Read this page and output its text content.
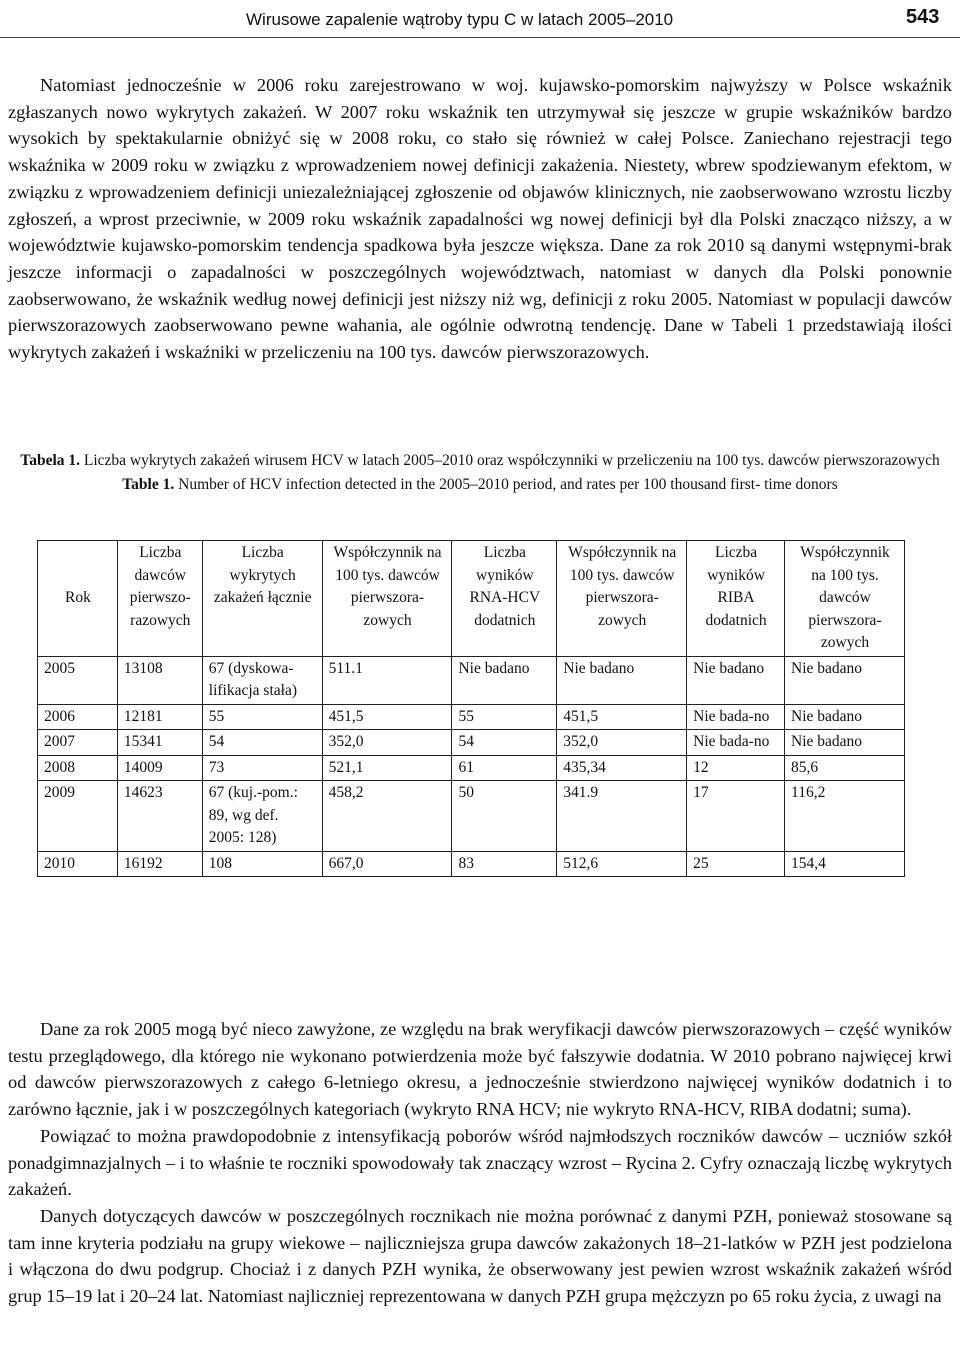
Wirusowe zapalenie wątroby typu C w latach 2005–2010	543
Natomiast jednocześnie w 2006 roku zarejestrowano w woj. kujawsko-pomorskim najwyższy w Polsce wskaźnik zgłaszanych nowo wykrytych zakażeń. W 2007 roku wskaźnik ten utrzymywał się jeszcze w grupie wskaźników bardzo wysokich by spektakularnie obniżyć się w 2008 roku, co stało się również w całej Polsce. Zaniechano rejestracji tego wskaźnika w 2009 roku w związku z wprowadzeniem nowej definicji zakażenia. Niestety, wbrew spodziewanym efektom, w związku z wprowadzeniem definicji uniezależniającej zgłoszenie od objawów klinicznych, nie zaobserwowano wzrostu liczby zgłoszeń, a wprost przeciwnie, w 2009 roku wskaźnik zapadalności wg nowej definicji był dla Polski znacząco niższy, a w województwie kujawsko-pomorskim tendencja spadkowa była jeszcze większa. Dane za rok 2010 są danymi wstępnymi-brak jeszcze informacji o zapadalności w poszczególnych województwach, natomiast w danych dla Polski ponownie zaobserwowano, że wskaźnik według nowej definicji jest niższy niż wg, definicji z roku 2005. Natomiast w populacji dawców pierwszorazowych zaobserwowano pewne wahania, ale ogólnie odwrotną tendencję. Dane w Tabeli 1 przedstawiają ilości wykrytych zakażeń i wskaźniki w przeliczeniu na 100 tys. dawców pierwszorazowych.
Tabela 1. Liczba wykrytych zakażeń wirusem HCV w latach 2005–2010 oraz współczynniki w przeliczeniu na 100 tys. dawców pierwszorazowych
Table 1. Number of HCV infection detected in the 2005–2010 period, and rates per 100 thousand first- time donors
Rok	Liczba dawców pierwszo-razowych	Liczba wykrytych zakażeń łącznie	Współczynnik na 100 tys. dawców pierwszora-zowych	Liczba wyników RNA-HCV dodatnich	Współczynnik na 100 tys. dawców pierwszora-zowych	Liczba wyników RIBA dodatnich	Współczynnik na 100 tys. dawców pierwszora-zowych
2005	13108	67 (dyskowa-lifikacja stała)	511.1	Nie badano	Nie badano	Nie badano	Nie badano
2006	12181	55	451,5	55	451,5	Nie bada-no	Nie badano
2007	15341	54	352,0	54	352,0	Nie bada-no	Nie badano
2008	14009	73	521,1	61	435,34	12	85,6
2009	14623	67 (kuj.-pom.: 89, wg def. 2005: 128)	458,2	50	341.9	17	116,2
2010	16192	108	667,0	83	512,6	25	154,4

Dane za rok 2005 mogą być nieco zawyżone, ze względu na brak weryfikacji dawców pierwszorazowych – część wyników testu przeglądowego, dla którego nie wykonano potwierdzenia może być fałszywie dodatnia. W 2010 pobrano najwięcej krwi od dawców pierwszorazowych z całego 6-letniego okresu, a jednocześnie stwierdzono najwięcej wyników dodatnich i to zarówno łącznie, jak i w poszczególnych kategoriach (wykryto RNA HCV; nie wykryto RNA-HCV, RIBA dodatni; suma).

Powiązać to można prawdopodobnie z intensyfikacją poborów wśród najmłodszych roczników dawców – uczniów szkół ponadgimnazjalnych – i to właśnie te roczniki spowodowały tak znaczący wzrost – Rycina 2. Cyfry oznaczają liczbę wykrytych zakażeń.

Danych dotyczących dawców w poszczególnych rocznikach nie można porównać z danymi PZH, ponieważ stosowane są tam inne kryteria podziału na grupy wiekowe – najliczniejsza grupa dawców zakażonych 18–21-latków w PZH jest podzielona i włączona do dwu podgrup. Chociaż i z danych PZH wynika, że obserwowany jest pewien wzrost wskaźnik zakażeń wśród grup 15–19 lat i 20–24 lat. Natomiast najliczniej reprezentowana w danych PZH grupa mężczyzn po 65 roku życia, z uwagi na
